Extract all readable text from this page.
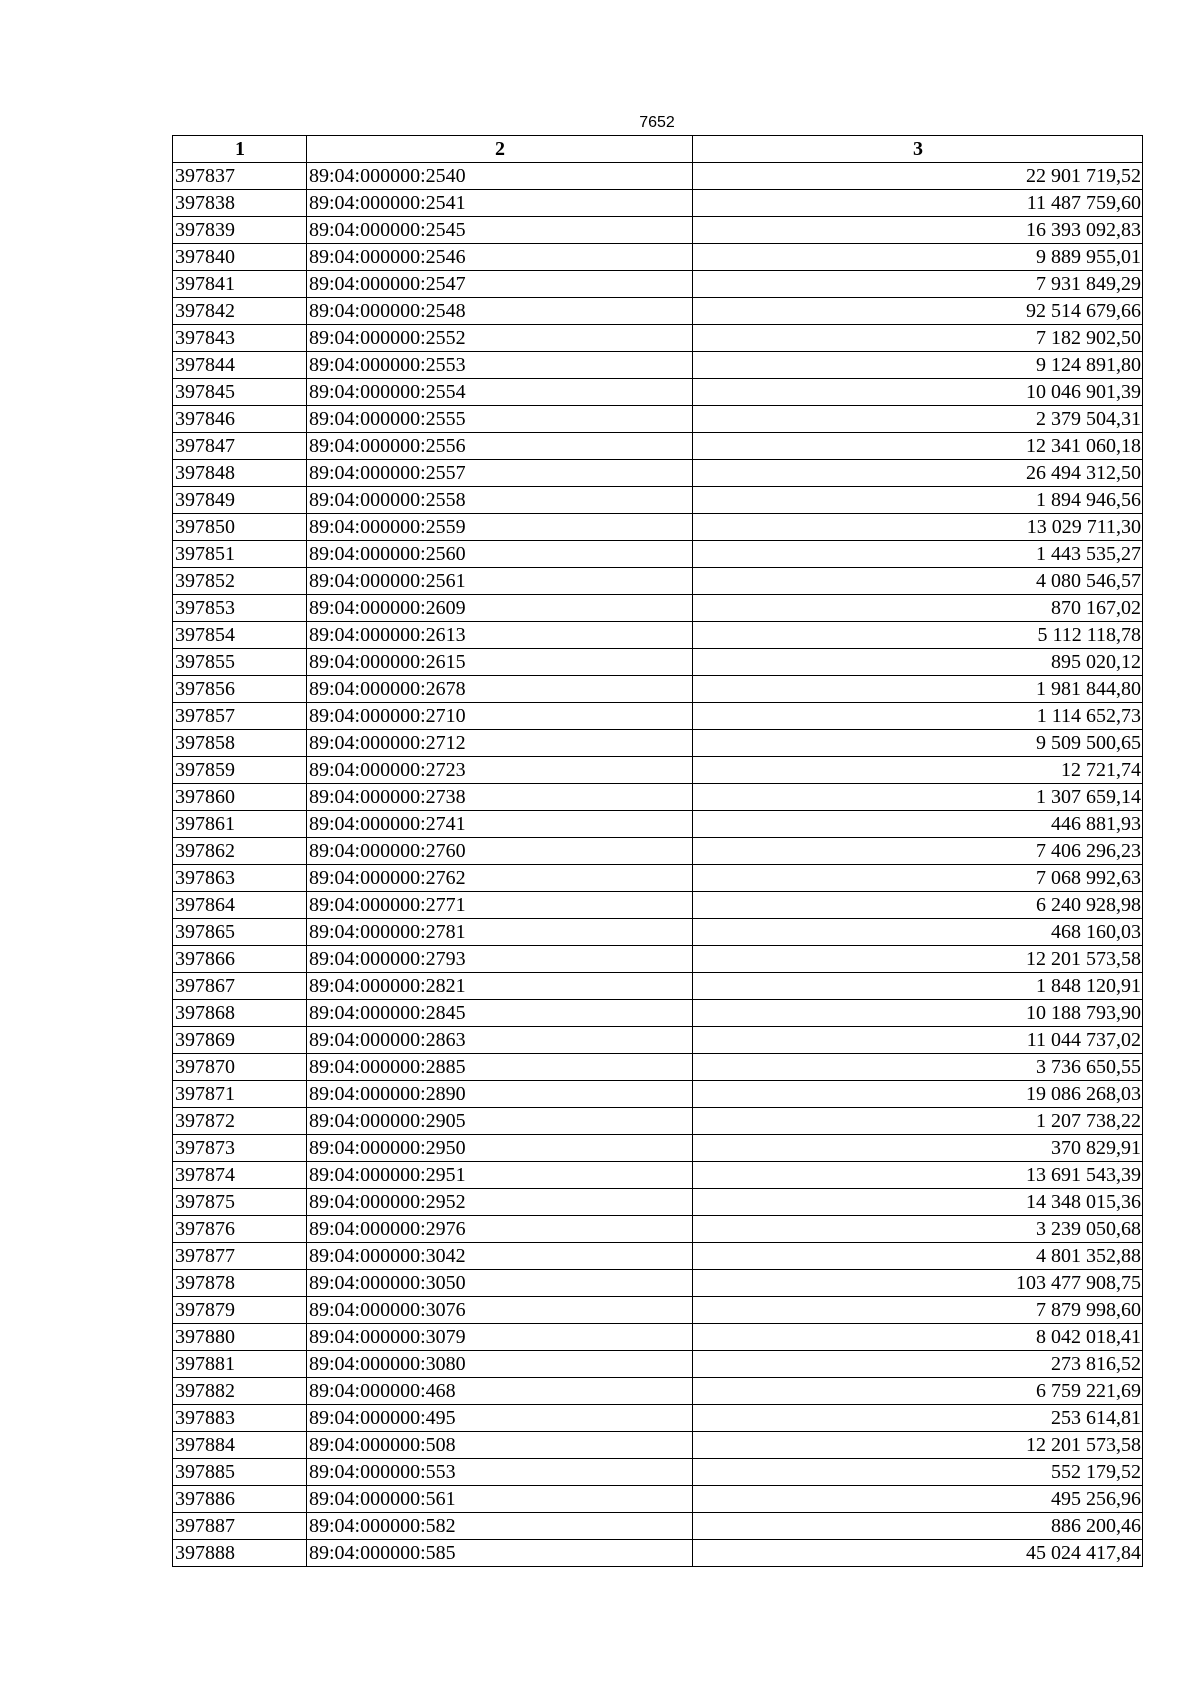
7652
1	2	3
397837	89:04:000000:2540	22 901 719,52
397838	89:04:000000:2541	11 487 759,60
397839	89:04:000000:2545	16 393 092,83
397840	89:04:000000:2546	9 889 955,01
397841	89:04:000000:2547	7 931 849,29
397842	89:04:000000:2548	92 514 679,66
397843	89:04:000000:2552	7 182 902,50
397844	89:04:000000:2553	9 124 891,80
397845	89:04:000000:2554	10 046 901,39
397846	89:04:000000:2555	2 379 504,31
397847	89:04:000000:2556	12 341 060,18
397848	89:04:000000:2557	26 494 312,50
397849	89:04:000000:2558	1 894 946,56
397850	89:04:000000:2559	13 029 711,30
397851	89:04:000000:2560	1 443 535,27
397852	89:04:000000:2561	4 080 546,57
397853	89:04:000000:2609	870 167,02
397854	89:04:000000:2613	5 112 118,78
397855	89:04:000000:2615	895 020,12
397856	89:04:000000:2678	1 981 844,80
397857	89:04:000000:2710	1 114 652,73
397858	89:04:000000:2712	9 509 500,65
397859	89:04:000000:2723	12 721,74
397860	89:04:000000:2738	1 307 659,14
397861	89:04:000000:2741	446 881,93
397862	89:04:000000:2760	7 406 296,23
397863	89:04:000000:2762	7 068 992,63
397864	89:04:000000:2771	6 240 928,98
397865	89:04:000000:2781	468 160,03
397866	89:04:000000:2793	12 201 573,58
397867	89:04:000000:2821	1 848 120,91
397868	89:04:000000:2845	10 188 793,90
397869	89:04:000000:2863	11 044 737,02
397870	89:04:000000:2885	3 736 650,55
397871	89:04:000000:2890	19 086 268,03
397872	89:04:000000:2905	1 207 738,22
397873	89:04:000000:2950	370 829,91
397874	89:04:000000:2951	13 691 543,39
397875	89:04:000000:2952	14 348 015,36
397876	89:04:000000:2976	3 239 050,68
397877	89:04:000000:3042	4 801 352,88
397878	89:04:000000:3050	103 477 908,75
397879	89:04:000000:3076	7 879 998,60
397880	89:04:000000:3079	8 042 018,41
397881	89:04:000000:3080	273 816,52
397882	89:04:000000:468	6 759 221,69
397883	89:04:000000:495	253 614,81
397884	89:04:000000:508	12 201 573,58
397885	89:04:000000:553	552 179,52
397886	89:04:000000:561	495 256,96
397887	89:04:000000:582	886 200,46
397888	89:04:000000:585	45 024 417,84
